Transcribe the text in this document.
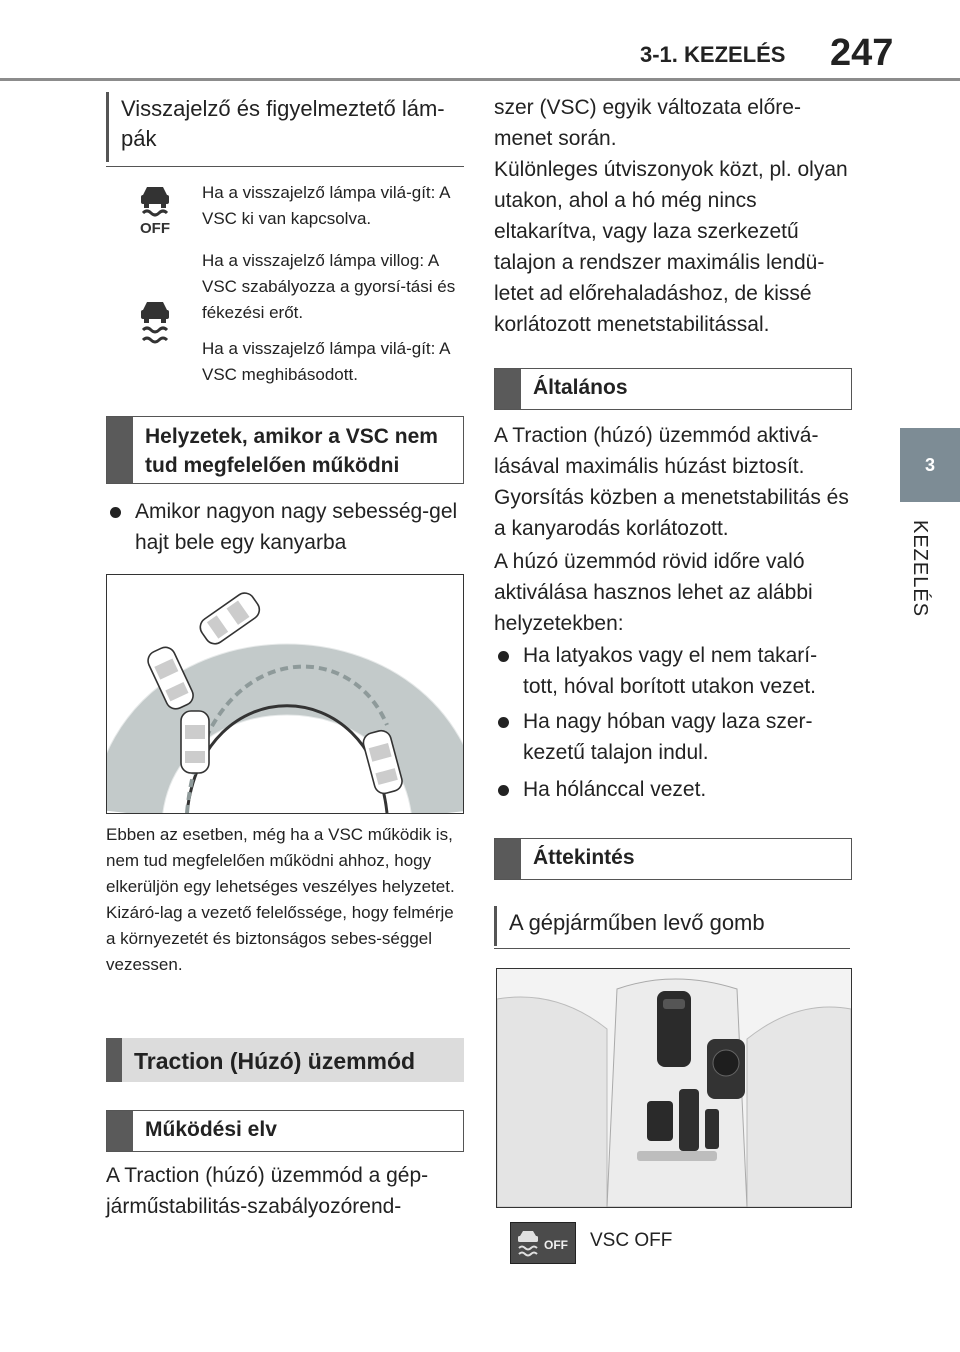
3-1. KEZELÉS 247
3
KEZELÉS
Visszajelző és figyelmeztető lám-pák
OFF
Ha a visszajelző lámpa vilá-gít: A VSC ki van kapcsolva.
Ha a visszajelző lámpa villog: A VSC szabályozza a gyorsí-tási és fékezési erőt.
Ha a visszajelző lámpa vilá-gít: A VSC meghibásodott.
Helyzetek, amikor a VSC nem tud megfelelően működni
Amikor nagyon nagy sebesség-gel hajt bele egy kanyarba
Ebben az esetben, még ha a VSC működik is, nem tud megfelelően működni ahhoz, hogy elkerüljön egy lehetséges veszélyes helyzetet. Kizáró-lag a vezető felelőssége, hogy felmérje a környezetét és biztonságos sebes-séggel vezessen.
Traction (Húzó) üzemmód
Működési elv
A Traction (húzó) üzemmód a gép-járműstabilitás-szabályozórend-
szer (VSC) egyik változata előre-menet során.
Különleges útviszonyok közt, pl. olyan utakon, ahol a hó még nincs eltakarítva, vagy laza szerkezetű talajon a rendszer maximális lendü-letet ad előrehaladáshoz, de kissé korlátozott menetstabilitással.
Általános
A Traction (húzó) üzemmód aktivá-lásával maximális húzást biztosít. Gyorsítás közben a menetstabilitás és a kanyarodás korlátozott.
A húzó üzemmód rövid időre való aktiválása hasznos lehet az alábbi helyzetekben:
Ha latyakos vagy el nem takarí-tott, hóval borított utakon vezet.
Ha nagy hóban vagy laza szer-kezetű talajon indul.
Ha hólánccal vezet.
Áttekintés
A gépjárműben levő gomb
OFF VSC OFF
